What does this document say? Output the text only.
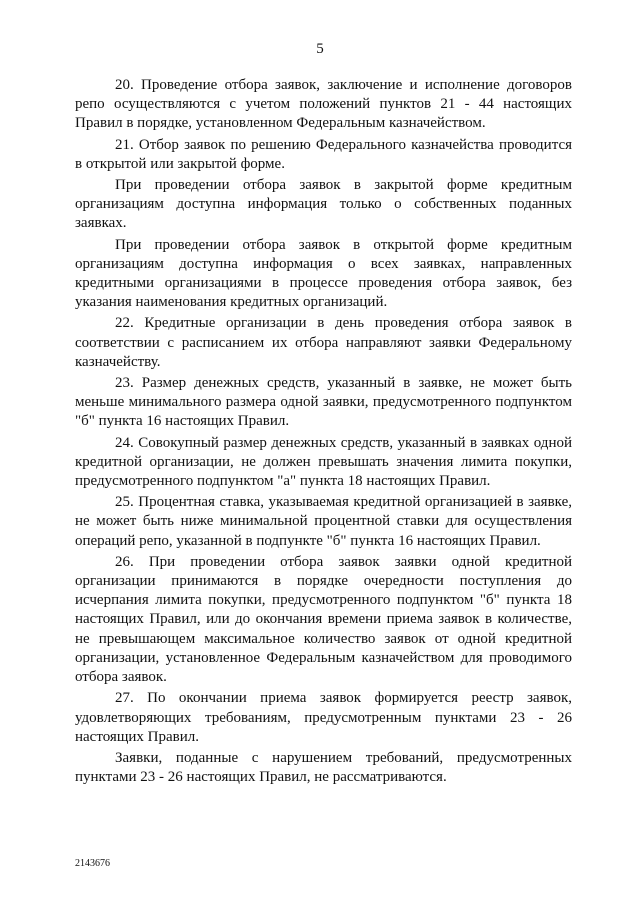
5

20. Проведение отбора заявок, заключение и исполнение договоров репо осуществляются с учетом положений пунктов 21 - 44 настоящих Правил в порядке, установленном Федеральным казначейством.

21. Отбор заявок по решению Федерального казначейства проводится в открытой или закрытой форме.

При проведении отбора заявок в закрытой форме кредитным организациям доступна информация только о собственных поданных заявках.

При проведении отбора заявок в открытой форме кредитным организациям доступна информация о всех заявках, направленных кредитными организациями в процессе проведения отбора заявок, без указания наименования кредитных организаций.

22. Кредитные организации в день проведения отбора заявок в соответствии с расписанием их отбора направляют заявки Федеральному казначейству.

23. Размер денежных средств, указанный в заявке, не может быть меньше минимального размера одной заявки, предусмотренного подпунктом "б" пункта 16 настоящих Правил.

24. Совокупный размер денежных средств, указанный в заявках одной кредитной организации, не должен превышать значения лимита покупки, предусмотренного подпунктом "а" пункта 18 настоящих Правил.

25. Процентная ставка, указываемая кредитной организацией в заявке, не может быть ниже минимальной процентной ставки для осуществления операций репо, указанной в подпункте "б" пункта 16 настоящих Правил.

26. При проведении отбора заявок заявки одной кредитной организации принимаются в порядке очередности поступления до исчерпания лимита покупки, предусмотренного подпунктом "б" пункта 18 настоящих Правил, или до окончания времени приема заявок в количестве, не превышающем максимальное количество заявок от одной кредитной организации, установленное Федеральным казначейством для проводимого отбора заявок.

27. По окончании приема заявок формируется реестр заявок, удовлетворяющих требованиям, предусмотренным пунктами 23 - 26 настоящих Правил.

Заявки, поданные с нарушением требований, предусмотренных пунктами 23 - 26 настоящих Правил, не рассматриваются.

2143676
